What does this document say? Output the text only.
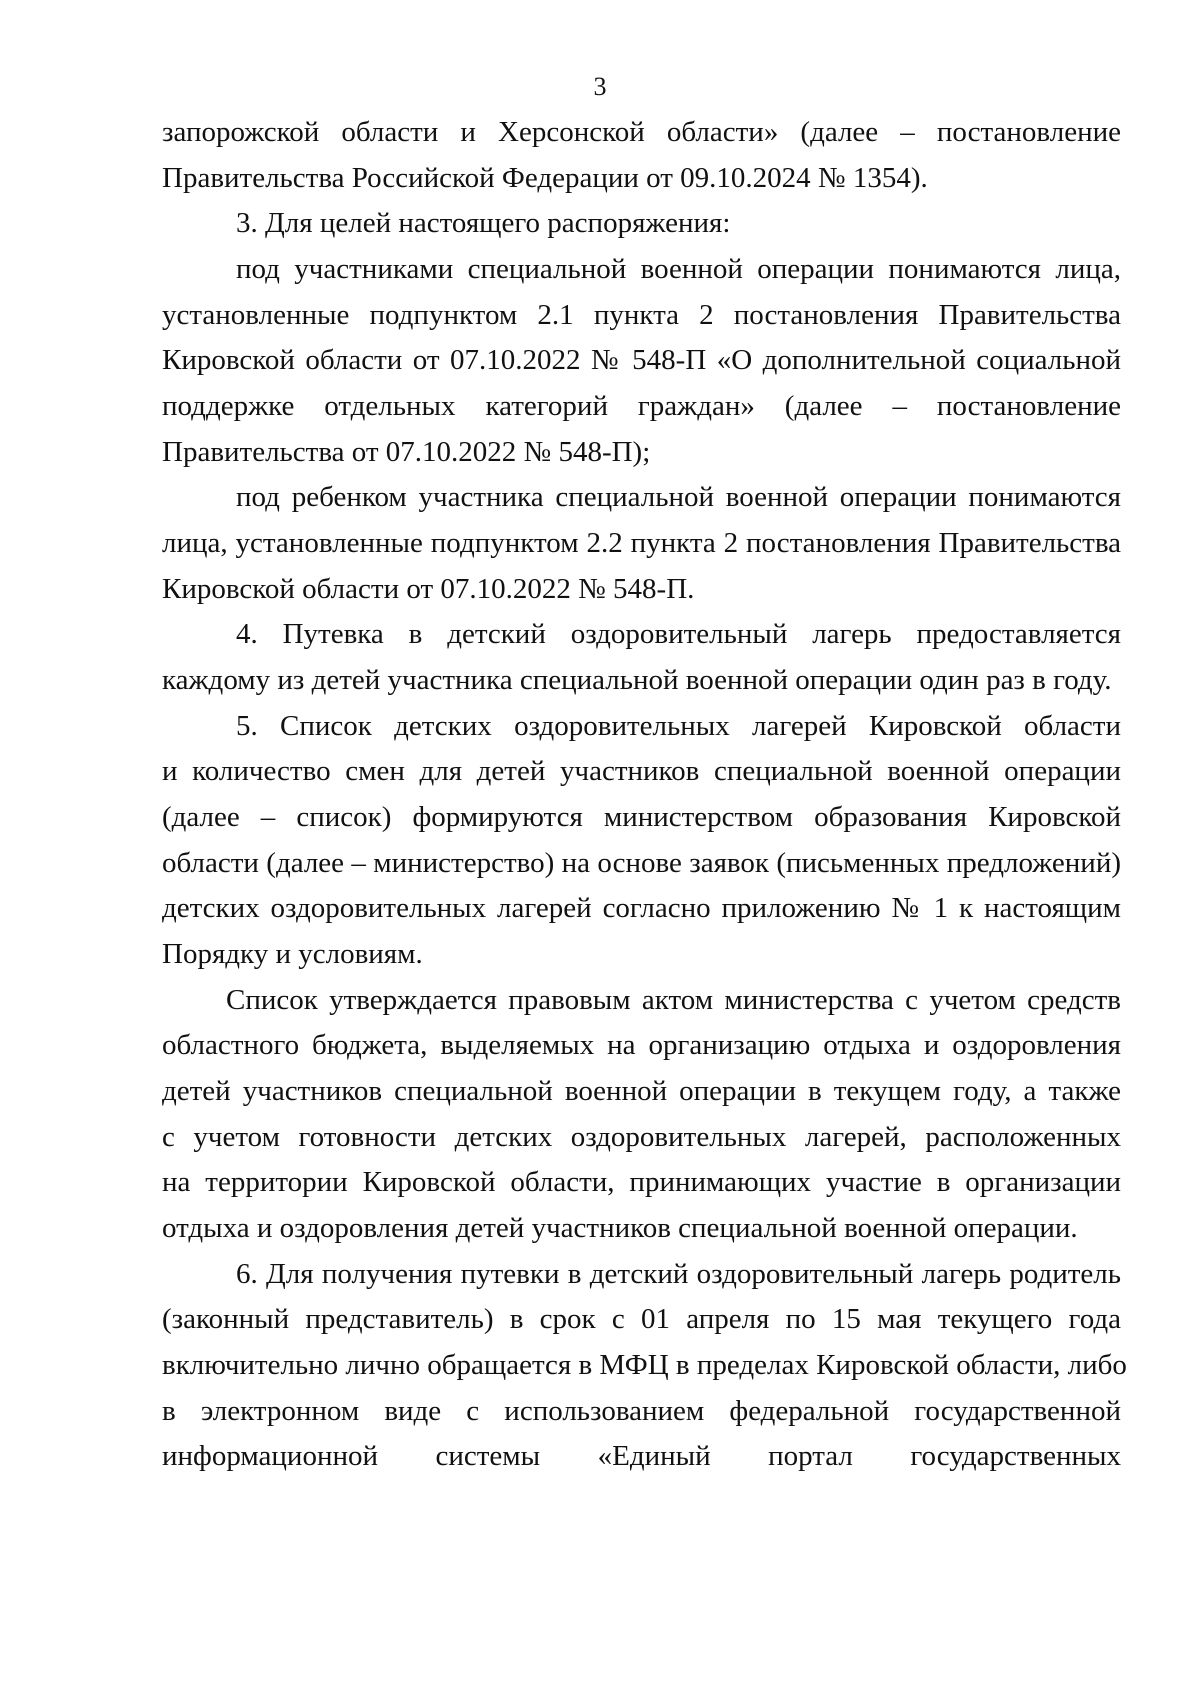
3
запорожской области и Херсонской области» (далее – постановление
Правительства Российской Федерации от 09.10.2024 № 1354).
3. Для целей настоящего распоряжения:
под участниками специальной военной операции понимаются лица,
установленные подпунктом 2.1 пункта 2 постановления Правительства
Кировской области от 07.10.2022 № 548-П «О дополнительной социальной
поддержке отдельных категорий граждан» (далее – постановление
Правительства от 07.10.2022 № 548-П);
под ребенком участника специальной военной операции понимаются
лица, установленные подпунктом 2.2 пункта 2 постановления Правительства
Кировской области от 07.10.2022 № 548-П.
4. Путевка в детский оздоровительный лагерь предоставляется
каждому из детей участника специальной военной операции один раз в году.
5. Список детских оздоровительных лагерей Кировской области
и количество смен для детей участников специальной военной операции
(далее – список) формируются министерством образования Кировской
области (далее – министерство) на основе заявок (письменных предложений)
детских оздоровительных лагерей согласно приложению № 1 к настоящим
Порядку и условиям.
Список утверждается правовым актом министерства с учетом средств
областного бюджета, выделяемых на организацию отдыха и оздоровления
детей участников специальной военной операции в текущем году, а также
с учетом готовности детских оздоровительных лагерей, расположенных
на территории Кировской области, принимающих участие в организации
отдыха и оздоровления детей участников специальной военной операции.
6. Для получения путевки в детский оздоровительный лагерь родитель
(законный представитель) в срок с 01 апреля по 15 мая текущего года
включительно лично обращается в МФЦ в пределах Кировской области, либо
в электронном виде с использованием федеральной государственной
информационной системы «Единый портал государственных
